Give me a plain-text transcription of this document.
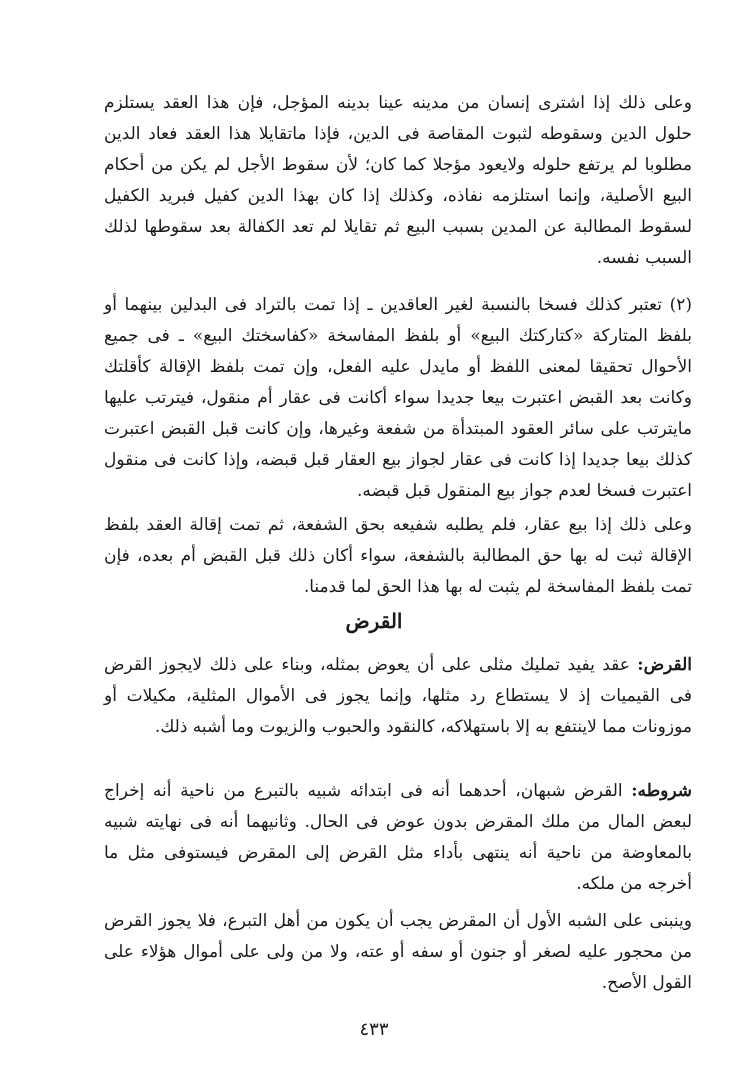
وعلى ذلك إذا اشترى إنسان من مدينه عينا بدينه المؤجل، فإن هذا العقد يستلزم حلول الدين وسقوطه لثبوت المقاصة فى الدين، فإذا ماتقايلا هذا العقد فعاد الدين مطلوبا لم يرتفع حلوله ولايعود مؤجلا كما كان؛ لأن سقوط الأجل لم يكن من أحكام البيع الأصلية، وإنما استلزمه نفاذه، وكذلك إذا كان بهذا الدين كفيل فبريد الكفيل لسقوط المطالبة عن المدين بسبب البيع ثم تقايلا لم تعد الكفالة بعد سقوطها لذلك السبب نفسه.

(٢) تعتبر كذلك فسخا بالنسبة لغير العاقدين ـ إذا تمت بالتراد فى البدلين بينهما أو بلفظ المتاركة «كتاركتك البيع» أو بلفظ المفاسخة «كفاسختك البيع» ـ فى جميع الأحوال تحقيقا لمعنى اللفظ أو مايدل عليه الفعل، وإن تمت بلفظ الإقالة كأقلتك وكانت بعد القبض اعتبرت بيعا جديدا سواء أكانت فى عقار أم منقول، فيترتب عليها مايترتب على سائر العقود المبتدأة من شفعة وغيرها، وإن كانت قبل القبض اعتبرت كذلك بيعا جديدا إذا كانت فى عقار لجواز بيع العقار قبل قبضه، وإذا كانت فى منقول اعتبرت فسخا لعدم جواز بيع المنقول قبل قبضه.

وعلى ذلك إذا بيع عقار، فلم يطلبه شفيعه بحق الشفعة، ثم تمت إقالة العقد بلفظ الإقالة ثبت له بها حق المطالبة بالشفعة، سواء أكان ذلك قبل القبض أم بعده، فإن تمت بلفظ المفاسخة لم يثبت له بها هذا الحق لما قدمنا.

القرض

القرض: عقد يفيد تمليك مثلى على أن يعوض بمثله، وبناء على ذلك لايجوز القرض فى القيميات إذ لا يستطاع رد مثلها، وإنما يجوز فى الأموال المثلية، مكيلات أو موزونات مما لاينتفع به إلا باستهلاكه، كالنقود والحبوب والزيوت وما أشبه ذلك.

شروطه: القرض شبهان، أحدهما أنه فى ابتدائه شبيه بالتبرع من ناحية أنه إخراج لبعض المال من ملك المقرض بدون عوض فى الحال. وثانيهما أنه فى نهايته شبيه بالمعاوضة من ناحية أنه ينتهى بأداء مثل القرض إلى المقرض فيستوفى مثل ما أخرجه من ملكه.

وينبنى على الشبه الأول أن المقرض يجب أن يكون من أهل التبرع، فلا يجوز القرض من محجور عليه لصغر أو جنون أو سفه أو عته، ولا من ولى على أموال هؤلاء على القول الأصح.

٤٣٣
